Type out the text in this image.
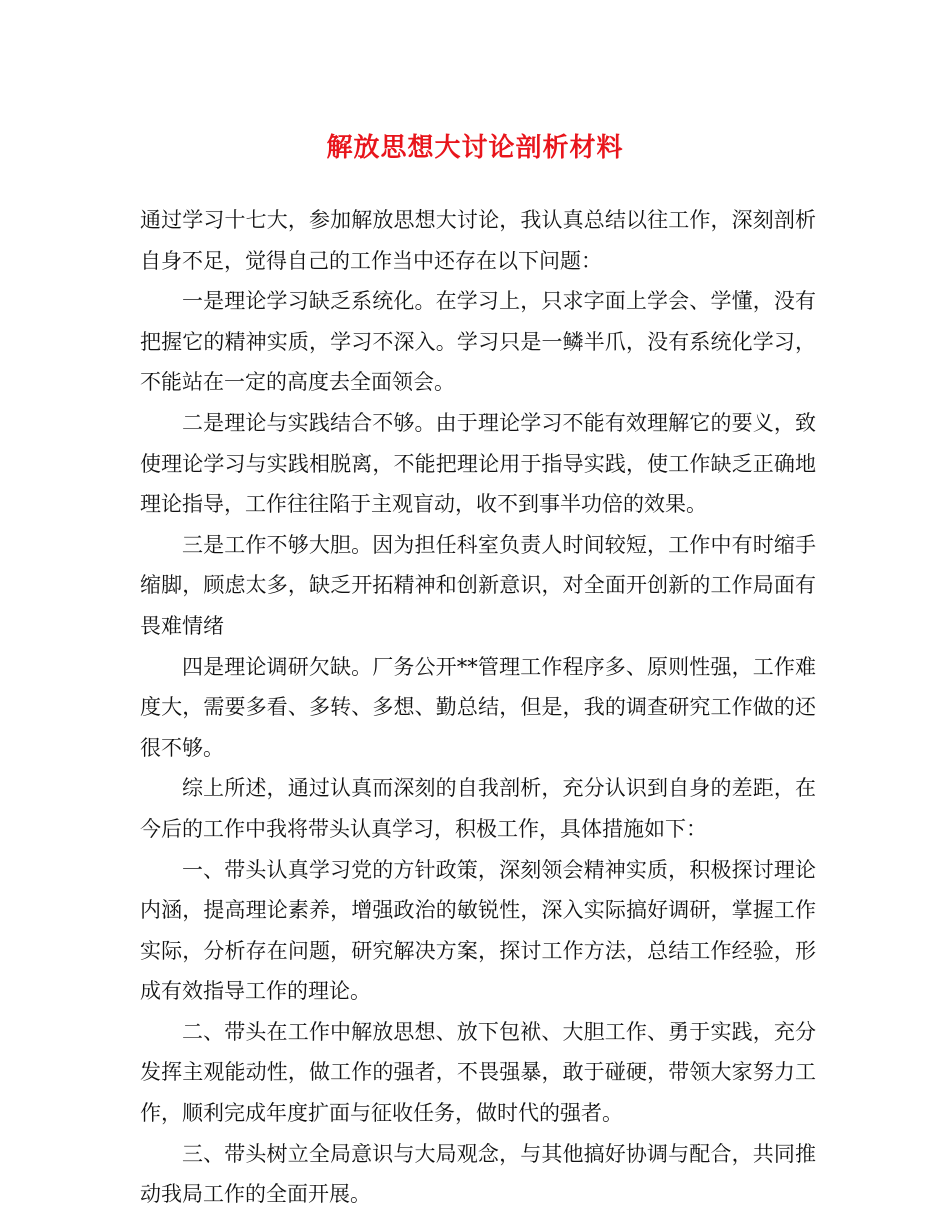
解放思想大讨论剖析材料

通过学习十七大，参加解放思想大讨论，我认真总结以往工作，深刻剖析自身不足，觉得自己的工作当中还存在以下问题：

一是理论学习缺乏系统化。在学习上，只求字面上学会、学懂，没有把握它的精神实质，学习不深入。学习只是一鳞半爪，没有系统化学习，不能站在一定的高度去全面领会。

二是理论与实践结合不够。由于理论学习不能有效理解它的要义，致使理论学习与实践相脱离，不能把理论用于指导实践，使工作缺乏正确地理论指导，工作往往陷于主观盲动，收不到事半功倍的效果。

三是工作不够大胆。因为担任科室负责人时间较短，工作中有时缩手缩脚，顾虑太多，缺乏开拓精神和创新意识，对全面开创新的工作局面有畏难情绪

四是理论调研欠缺。厂务公开**管理工作程序多、原则性强，工作难度大，需要多看、多转、多想、勤总结，但是，我的调查研究工作做的还很不够。

综上所述，通过认真而深刻的自我剖析，充分认识到自身的差距，在今后的工作中我将带头认真学习，积极工作，具体措施如下：

一、带头认真学习党的方针政策，深刻领会精神实质，积极探讨理论内涵，提高理论素养，增强政治的敏锐性，深入实际搞好调研，掌握工作实际，分析存在问题，研究解决方案，探讨工作方法，总结工作经验，形成有效指导工作的理论。

二、带头在工作中解放思想、放下包袱、大胆工作、勇于实践，充分发挥主观能动性，做工作的强者，不畏强暴，敢于碰硬，带领大家努力工作，顺利完成年度扩面与征收任务，做时代的强者。

三、带头树立全局意识与大局观念，与其他搞好协调与配合，共同推动我局工作的全面开展。
